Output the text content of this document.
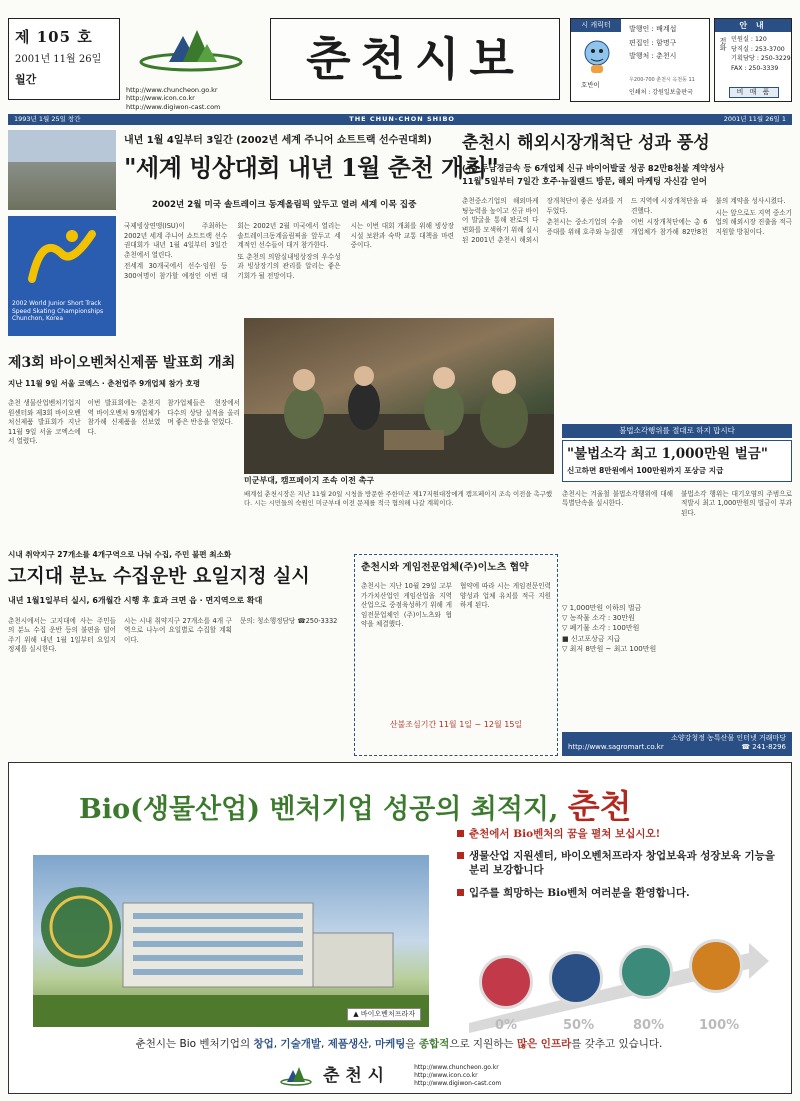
제 105 호
2001년 11월 26일
월간
http://www.chuncheon.go.kr
http://www.icon.co.kr
http://www.digiwon-cast.com
춘천시보
시 캐릭터
호반이
발행인 : 배계섭
편집인 : 함명구
발행처 : 춘천시
우200-700 춘천시 옥천동 11
인쇄처 : 강원일보출판국
안 내
전화 민원실 : 120
당직실 : 253-3700
기획담당 : 250-3229
FAX : 250-3339
비 매 품
1993년 1월 25일 창간	THE CHUN-CHON SHIBO	2001년 11월 26일 1
2002 World Junior Short Track Speed Skating Championships Chunchon, Korea
내년 1월 4일부터 3일간 (2002년 세계 주니어 쇼트트랙 선수권대회)
"세계 빙상대회 내년 1월 춘천 개최"
2002년 2월 미국 솔트레이크 동계올림픽 앞두고 열려 세계 이목 집중

국제빙상연맹(ISU)이 주최하는 2002년 세계 주니어 쇼트트랙 선수권대회가 내년 1월 4일부터 3일간 춘천에서 열린다.

전세계 30개국에서 선수·임원 등 300여명이 참가할 예정인 이번 대회는 2002년 2월 미국에서 열리는 솔트레이크동계올림픽을 앞두고 세계적인 선수들이 대거 참가한다.

또 춘천의 의암실내빙상장의 우수성과 빙상장기의 관리를 알리는 좋은 기회가 될 전망이다.

시는 이번 대회 개최를 위해 빙상장 시설 보완과 숙박 교통 대책을 마련 중이다.

춘천시 해외시장개척단 성과 풍성
(주) 두남경금속 등 6개업체 신규 바이어발굴 성공 82만8천불 계약성사
11월 5일부터 7일간 호주·뉴질랜드 방문, 해외 마케팅 자신감 얻어

춘천중소기업의 해외마케팅능력을 높이고 신규 바이어 발굴을 통해 판로의 다변화를 모색하기 위해 실시된 2001년 춘천시 해외시장개척단이 좋은 성과를 거두었다.

춘천시는 중소기업의 수출증대를 위해 호주와 뉴질랜드 지역에 시장개척단을 파견했다.

이번 시장개척단에는 총 6개업체가 참가해 82만8천불의 계약을 성사시켰다.

시는 앞으로도 지역 중소기업의 해외시장 진출을 적극 지원할 방침이다.

미군부대, 캠프페이지 조속 이전 촉구
배계섭 춘천시장은 지난 11월 20일 시청을 방문한 주한미군 제17지원대장에게 캠프페이지 조속 이전을 촉구했다. 시는 시민들의 숙원인 미군부대 이전 문제를 적극 협의해 나갈 계획이다.
제3회 바이오벤처신제품 발표회 개최
지난 11월 9일 서울 코엑스 · 춘천업주 9개업체 참가 호평

춘천 생물산업벤처기업지원센터와 제3회 바이오벤처신제품 발표회가 지난 11월 9일 서울 코엑스에서 열렸다.

이번 발표회에는 춘천지역 바이오벤처 9개업체가 참가해 신제품을 선보였다.

참가업체들은 현장에서 다수의 상담 실적을 올리며 좋은 반응을 얻었다.

불법소각행위를 절대로 하지 맙시다
"불법소각 최고 1,000만원 벌금"
신고하면 8만원에서 100만원까지 포상금 지급

춘천시는 겨울철 불법소각행위에 대해 특별단속을 실시한다.

불법소각 행위는 대기오염의 주범으로 적발시 최고 1,000만원의 벌금이 부과된다.

▽ 1,000만원 이하의 벌금
▽ 농작물 소각 : 30만원
▽ 폐기물 소각 : 100만원
■ 신고포상금 지급
▽ 최저 8만원 ~ 최고 100만원
소양강청정 농특산물 인터넷 거래마당
http://www.sagromart.co.kr	☎ 241-8296
시내 취약지구 27개소를 4개구역으로 나눠 수집, 주민 불편 최소화
고지대 분뇨 수집운반 요일지정 실시
내년 1월1일부터 실시, 6개월간 시행 후 효과 크면 읍 · 면지역으로 확대

춘천시에서는 고지대에 사는 주민들의 분뇨 수집 운반 등의 불편을 덜어주기 위해 내년 1월 1일부터 요일지정제를 실시한다.

시는 시내 취약지구 27개소를 4개 구역으로 나누어 요일별로 수집할 계획이다.

문의: 청소행정담당 ☎250-3332

춘천시와 게임전문업체(주)이노츠 협약

춘천시는 지난 10월 29일 고부가가치산업인 게임산업을 지역산업으로 중점육성하기 위해 게임전문업체인 (주)이노츠와 협약을 체결했다.

협약에 따라 시는 게임전문인력 양성과 업체 유치를 적극 지원하게 된다.

산불조심기간 11월 1일 ~ 12월 15일
Bio(생물산업) 벤처기업 성공의 최적지, 춘천
▲ 바이오벤처프라자
춘천에서 Bio벤처의 꿈을 펼쳐 보십시오!
생물산업 지원센터, 바이오벤처프라자 창업보육과 성장보육 기능을 분리 보강합니다
입주를 희망하는 Bio벤처 여러분을 환영합니다.
0%	50%	80%	100%
춘천시는 Bio 벤처기업의 창업, 기술개발, 제품생산, 마케팅을 종합적으로 지원하는 많은 인프라를 갖추고 있습니다.
춘 천 시	http://www.chuncheon.go.kr
http://www.icon.co.kr
http://www.digiwon-cast.com
